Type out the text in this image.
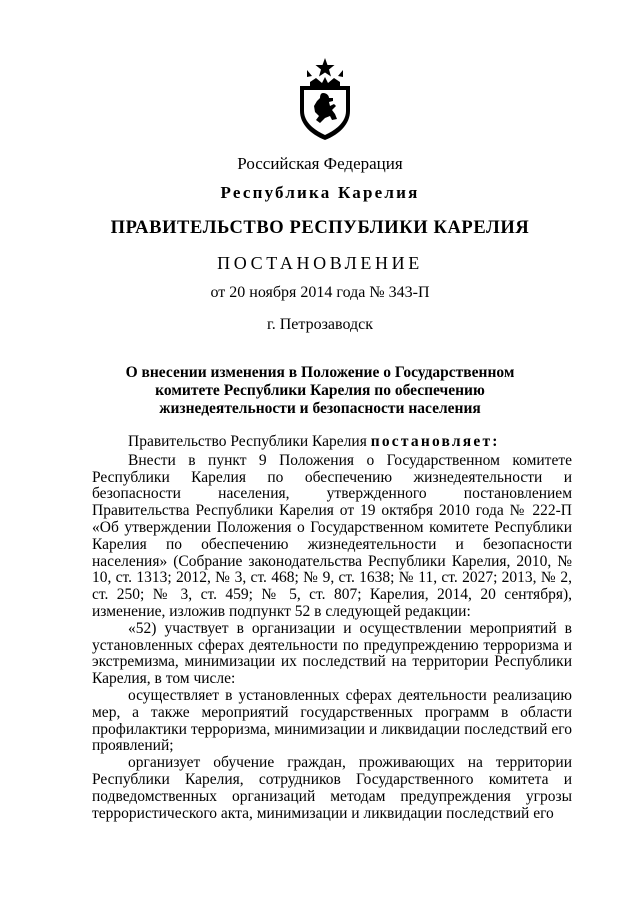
Российская Федерация
Республика Карелия
ПРАВИТЕЛЬСТВО РЕСПУБЛИКИ КАРЕЛИЯ
ПОСТАНОВЛЕНИЕ
от 20 ноября 2014 года № 343-П
г. Петрозаводск
О внесении изменения в Положение о Государственном комитете Республики Карелия по обеспечению жизнедеятельности и безопасности населения

Правительство Республики Карелия постановляет:

Внести в пункт 9 Положения о Государственном комитете Республики Карелия по обеспечению жизнедеятельности и безопасности населения, утвержденного постановлением Правительства Республики Карелия от 19 октября 2010 года № 222-П «Об утверждении Положения о Государственном комитете Республики Карелия по обеспечению жизнедеятельности и безопасности населения» (Собрание законодательства Республики Карелия, 2010, № 10, ст. 1313; 2012, № 3, ст. 468; № 9, ст. 1638; № 11, ст. 2027; 2013, № 2, ст. 250; № 3, ст. 459; № 5, ст. 807; Карелия, 2014, 20 сентября), изменение, изложив подпункт 52 в следующей редакции:

«52) участвует в организации и осуществлении мероприятий в установленных сферах деятельности по предупреждению терроризма и экстремизма, минимизации их последствий на территории Республики Карелия, в том числе:

осуществляет в установленных сферах деятельности реализацию мер, а также мероприятий государственных программ в области профилактики терроризма, минимизации и ликвидации последствий его проявлений;

организует обучение граждан, проживающих на территории Республики Карелия, сотрудников Государственного комитета и подведомственных организаций методам предупреждения угрозы террористического акта, минимизации и ликвидации последствий его
